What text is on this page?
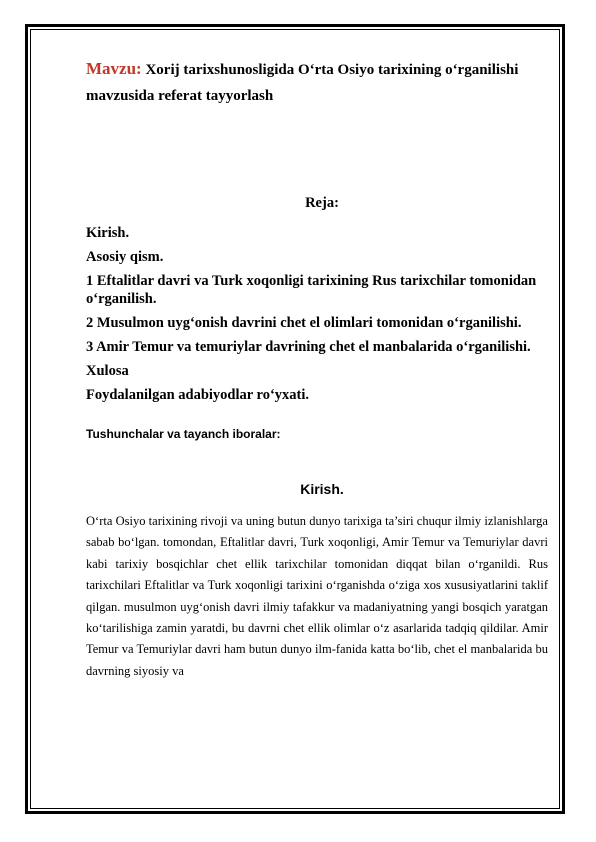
Mavzu: Xorij tarixshunosligida O‘rta Osiyo tarixining o‘rganilishi mavzusida referat tayyorlash

Reja:
Kirish.
Asosiy qism.
1 Eftalitlar davri va Turk xoqonligi tarixining Rus tarixchilar tomonidan o‘rganilish.
2 Musulmon uyg‘onish davrini chet el olimlari tomonidan o‘rganilishi.
3 Amir Temur va temuriylar davrining chet el manbalarida o‘rganilishi.
Xulosa
Foydalanilgan adabiyodlar ro‘yxati.
Tushunchalar va tayanch iboralar:
Kirish.

O‘rta Osiyo tarixining rivoji va uning butun dunyo tarixiga ta’siri chuqur ilmiy izlanishlarga sabab bo‘lgan. tomondan, Eftalitlar davri, Turk xoqonligi, Amir Temur va Temuriylar davri kabi tarixiy bosqichlar chet ellik tarixchilar tomonidan diqqat bilan o‘rganildi. Rus tarixchilari Eftalitlar va Turk xoqonligi tarixini o‘rganishda o‘ziga xos xususiyatlarini taklif qilgan. musulmon uyg‘onish davri ilmiy tafakkur va madaniyatning yangi bosqich yaratgan ko‘tarilishiga zamin yaratdi, bu davrni chet ellik olimlar o‘z asarlarida tadqiq qildilar. Amir Temur va Temuriylar davri ham butun dunyo ilm-fanida katta bo‘lib, chet el manbalarida bu davrning siyosiy va
